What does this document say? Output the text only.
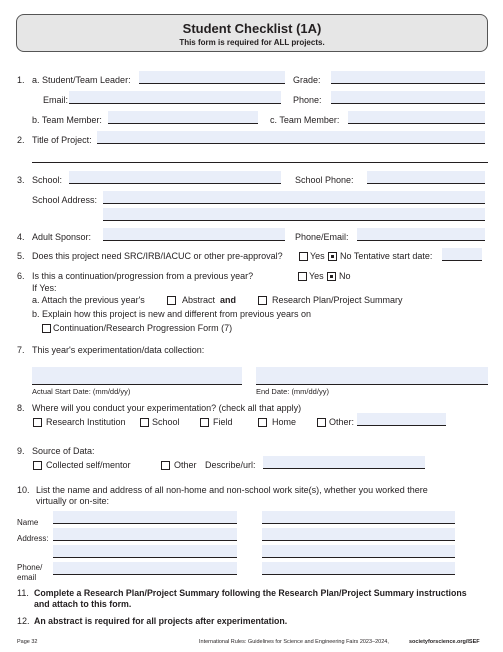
Student Checklist (1A)
This form is required for ALL projects.
1. a. Student/Team Leader:	Grade:
Email:	Phone:
b. Team Member:	c. Team Member:
2. Title of Project:
3. School:	School Phone:
School Address:
4. Adult Sponsor:	Phone/Email:
5. Does this project need SRC/IRB/IACUC or other pre-approval?	Yes No Tentative start date:
6. Is this a continuation/progression from a previous year?	Yes No
If Yes:
a. Attach the previous year's	Abstract and	Research Plan/Project Summary
b. Explain how this project is new and different from previous years on
Continuation/Research Progression Form (7)
7. This year's experimentation/data collection:
Actual Start Date: (mm/dd/yy)	End Date: (mm/dd/yy)
8. Where will you conduct your experimentation? (check all that apply)
Research Institution	School	Field	Home	Other:
9. Source of Data:
Collected self/mentor	Other Describe/url:
10. List the name and address of all non-home and non-school work site(s), whether you worked there
virtually or on-site:
Name
Address:
Phone/
email
11. Complete a Research Plan/Project Summary following the Research Plan/Project Summary instructions
and attach to this form.
12. An abstract is required for all projects after experimentation.
Page 32	International Rules: Guidelines for Science and Engineering Fairs 2023–2024,	societyforscience.org/ISEF
